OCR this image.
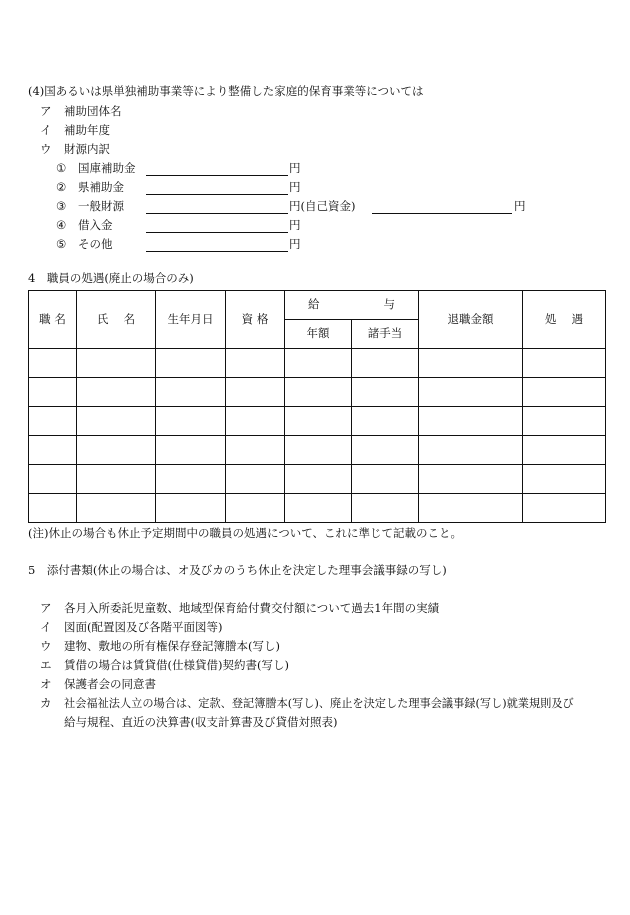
(4)国あるいは県単独補助事業等により整備した家庭的保育事業等については
ア 補助団体名
イ 補助年度
ウ 財源内訳
① 国庫補助金	円
② 県補助金	円
③ 一般財源	円(自己資金)	円
④ 借入金	円
⑤ その他	円
4　職員の処遇(廃止の場合のみ)
職 名	氏　 名	生年月日	資 格	給 与		退職金額	処　 遇
				年額	諸手当		

(注)休止の場合も休止予定期間中の職員の処遇について、これに準じて記載のこと。
5　添付書類(休止の場合は、オ及びカのうち休止を決定した理事会議事録の写し)
ア 各月入所委託児童数、地域型保育給付費交付額について過去1年間の実績
イ 図面(配置図及び各階平面図等)
ウ 建物、敷地の所有権保存登記簿謄本(写し)
エ 賃借の場合は賃貸借(仕様貸借)契約書(写し)
オ 保護者会の同意書
カ 社会福祉法人立の場合は、定款、登記簿謄本(写し)、廃止を決定した理事会議事録(写し)就業規則及び
給与規程、直近の決算書(収支計算書及び貸借対照表)
